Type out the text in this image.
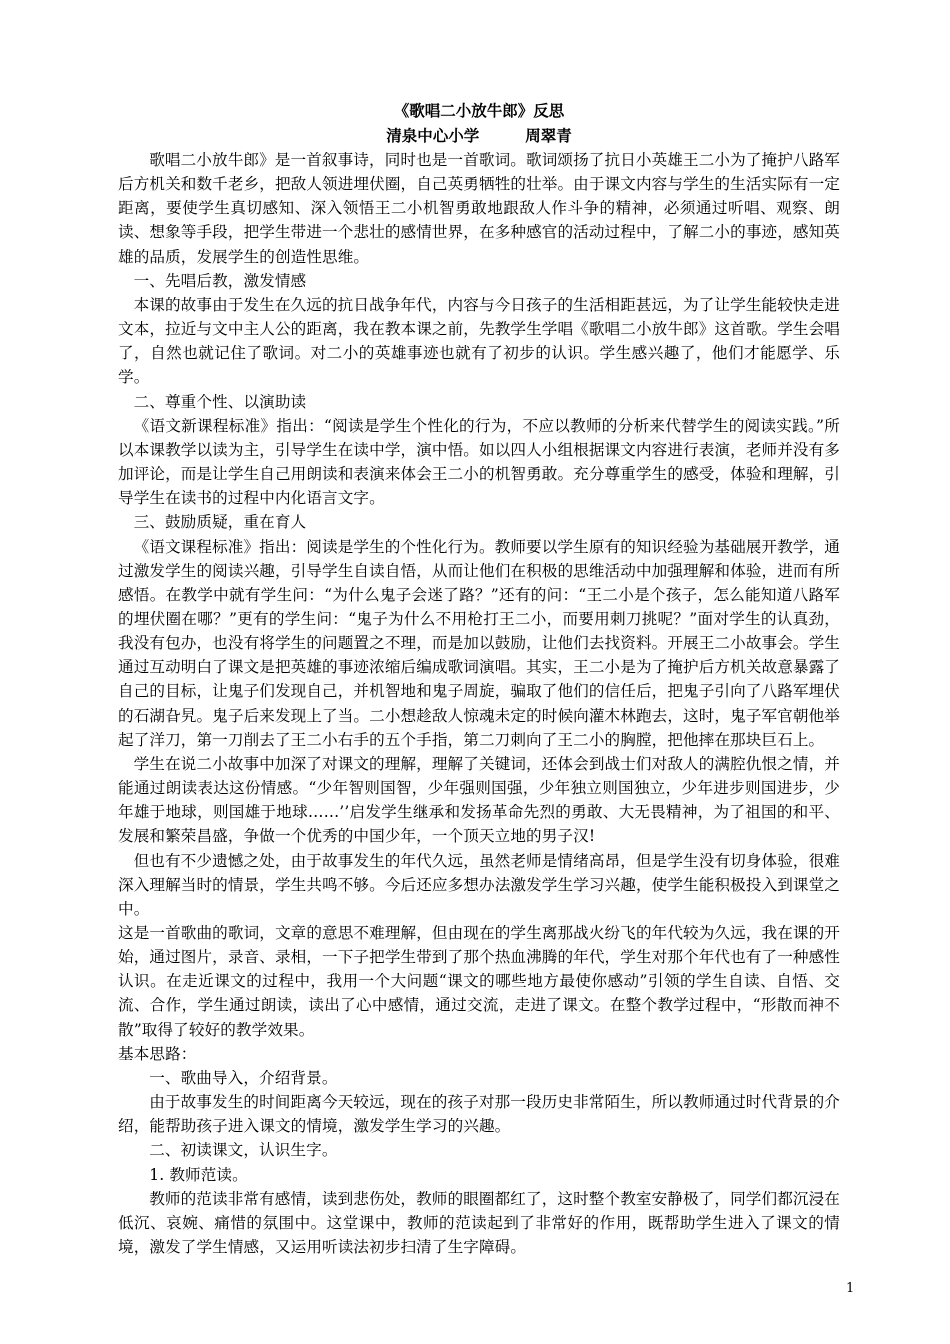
《歌唱二小放牛郎》反思
清泉中心小学	周翠青

歌唱二小放牛郎》是一首叙事诗，同时也是一首歌词。歌词颂扬了抗日小英雄王二小为了掩护八路军后方机关和数千老乡，把敌人领进埋伏圈，自己英勇牺牲的壮举。由于课文内容与学生的生活实际有一定距离，要使学生真切感知、深入领悟王二小机智勇敢地跟敌人作斗争的精神，必须通过听唱、观察、朗读、想象等手段，把学生带进一个悲壮的感情世界，在多种感官的活动过程中，了解二小的事迹，感知英雄的品质，发展学生的创造性思维。

一、先唱后教，激发情感

本课的故事由于发生在久远的抗日战争年代，内容与今日孩子的生活相距甚远，为了让学生能较快走进文本，拉近与文中主人公的距离，我在教本课之前，先教学生学唱《歌唱二小放牛郎》这首歌。学生会唱了，自然也就记住了歌词。对二小的英雄事迹也就有了初步的认识。学生感兴趣了，他们才能愿学、乐学。

二、尊重个性、以演助读

《语文新课程标准》指出：“阅读是学生个性化的行为，不应以教师的分析来代替学生的阅读实践。”所以本课教学以读为主，引导学生在读中学，演中悟。如以四人小组根据课文内容进行表演，老师并没有多加评论，而是让学生自己用朗读和表演来体会王二小的机智勇敢。充分尊重学生的感受，体验和理解，引导学生在读书的过程中内化语言文字。

三、鼓励质疑，重在育人

《语文课程标准》指出：阅读是学生的个性化行为。教师要以学生原有的知识经验为基础展开教学，通过激发学生的阅读兴趣，引导学生自读自悟，从而让他们在积极的思维活动中加强理解和体验，进而有所感悟。在教学中就有学生问：“为什么鬼子会迷了路？”还有的问：“王二小是个孩子，怎么能知道八路军的埋伏圈在哪？”更有的学生问：“鬼子为什么不用枪打王二小，而要用刺刀挑呢？”面对学生的认真劲，我没有包办，也没有将学生的问题置之不理，而是加以鼓励，让他们去找资料。开展王二小故事会。学生通过互动明白了课文是把英雄的事迹浓缩后编成歌词演唱。其实，王二小是为了掩护后方机关故意暴露了自己的目标，让鬼子们发现自己，并机智地和鬼子周旋，骗取了他们的信任后，把鬼子引向了八路军埋伏的石湖旮旯。鬼子后来发现上了当。二小想趁敌人惊魂未定的时候向灌木林跑去，这时，鬼子军官朝他举起了洋刀，第一刀削去了王二小右手的五个手指，第二刀刺向了王二小的胸膛，把他摔在那块巨石上。

学生在说二小故事中加深了对课文的理解，理解了关键词，还体会到战士们对敌人的满腔仇恨之情，并能通过朗读表达这份情感。“少年智则国智，少年强则国强，少年独立则国独立，少年进步则国进步，少年雄于地球，则国雄于地球……’’启发学生继承和发扬革命先烈的勇敢、大无畏精神，为了祖国的和平、发展和繁荣昌盛，争做一个优秀的中国少年，一个顶天立地的男子汉!

但也有不少遗憾之处，由于故事发生的年代久远，虽然老师是情绪高昂，但是学生没有切身体验，很难深入理解当时的情景，学生共鸣不够。今后还应多想办法激发学生学习兴趣，使学生能积极投入到课堂之中。

这是一首歌曲的歌词，文章的意思不难理解，但由现在的学生离那战火纷飞的年代较为久远，我在课的开始，通过图片，录音、录相，一下子把学生带到了那个热血沸腾的年代，学生对那个年代也有了一种感性认识。在走近课文的过程中，我用一个大问题“课文的哪些地方最使你感动”引领的学生自读、自悟、交流、合作，学生通过朗读，读出了心中感情，通过交流，走进了课文。在整个教学过程中，“形散而神不散”取得了较好的教学效果。

基本思路：

一、歌曲导入，介绍背景。

由于故事发生的时间距离今天较远，现在的孩子对那一段历史非常陌生，所以教师通过时代背景的介绍，能帮助孩子进入课文的情境，激发学生学习的兴趣。

二、初读课文，认识生字。

1. 教师范读。

教师的范读非常有感情，读到悲伤处，教师的眼圈都红了，这时整个教室安静极了，同学们都沉浸在低沉、哀婉、痛惜的氛围中。这堂课中，教师的范读起到了非常好的作用，既帮助学生进入了课文的情境，激发了学生情感，又运用听读法初步扫清了生字障碍。

1
